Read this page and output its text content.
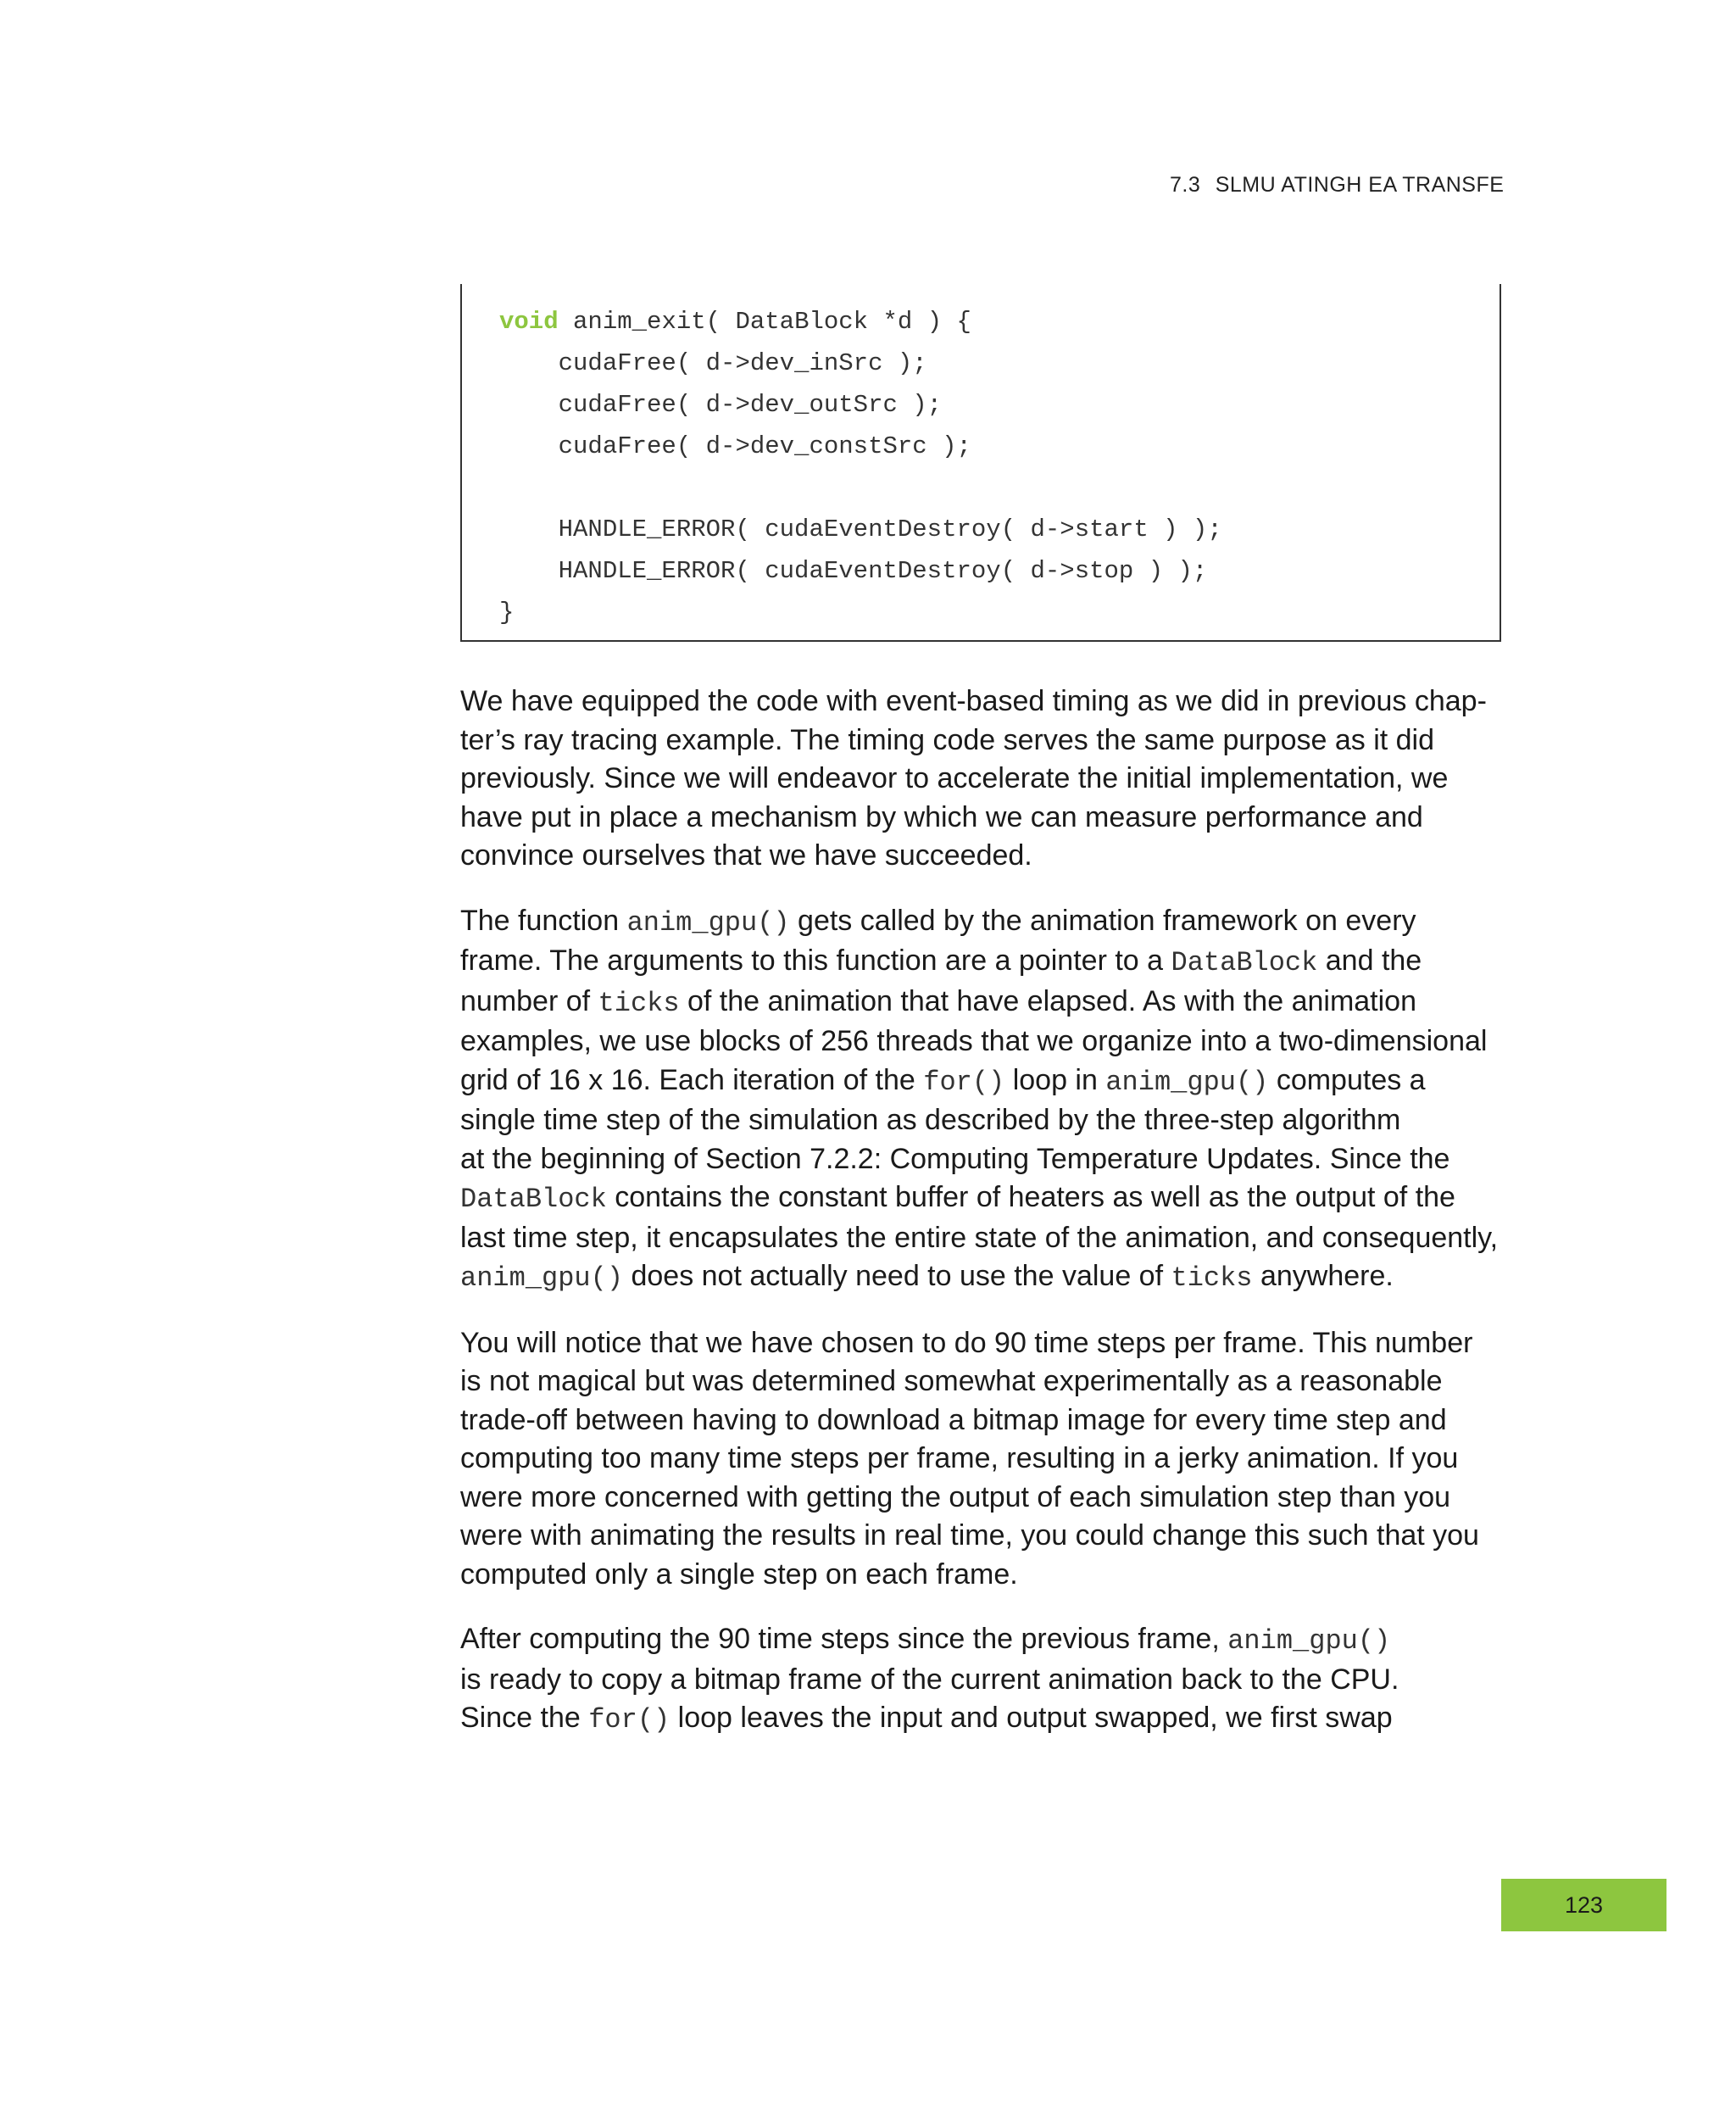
7.3 SLMU ATINGH EA TRANSFE
void anim_exit( DataBlock *d ) {
cudaFree( d->dev_inSrc );
cudaFree( d->dev_outSrc );
cudaFree( d->dev_constSrc );
HANDLE_ERROR( cudaEventDestroy( d->start ) );
HANDLE_ERROR( cudaEventDestroy( d->stop ) );
}

We have equipped the code with event-based timing as we did in previous chap-
ter’s ray tracing example. The timing code serves the same purpose as it did
previously. Since we will endeavor to accelerate the initial implementation, we
have put in place a mechanism by which we can measure performance and
convince ourselves that we have succeeded.

The function anim_gpu() gets called by the animation framework on every
frame. The arguments to this function are a pointer to a DataBlock and the
number of ticks of the animation that have elapsed. As with the animation
examples, we use blocks of 256 threads that we organize into a two-dimensional
grid of 16 x 16. Each iteration of the for() loop in anim_gpu() computes a
single time step of the simulation as described by the three-step algorithm
at the beginning of Section 7.2.2: Computing Temperature Updates. Since the
DataBlock contains the constant buffer of heaters as well as the output of the
last time step, it encapsulates the entire state of the animation, and consequently,
anim_gpu() does not actually need to use the value of ticks anywhere.

You will notice that we have chosen to do 90 time steps per frame. This number
is not magical but was determined somewhat experimentally as a reasonable
trade-off between having to download a bitmap image for every time step and
computing too many time steps per frame, resulting in a jerky animation. If you
were more concerned with getting the output of each simulation step than you
were with animating the results in real time, you could change this such that you
computed only a single step on each frame.

After computing the 90 time steps since the previous frame, anim_gpu()
is ready to copy a bitmap frame of the current animation back to the CPU.
Since the for() loop leaves the input and output swapped, we first swap

123
